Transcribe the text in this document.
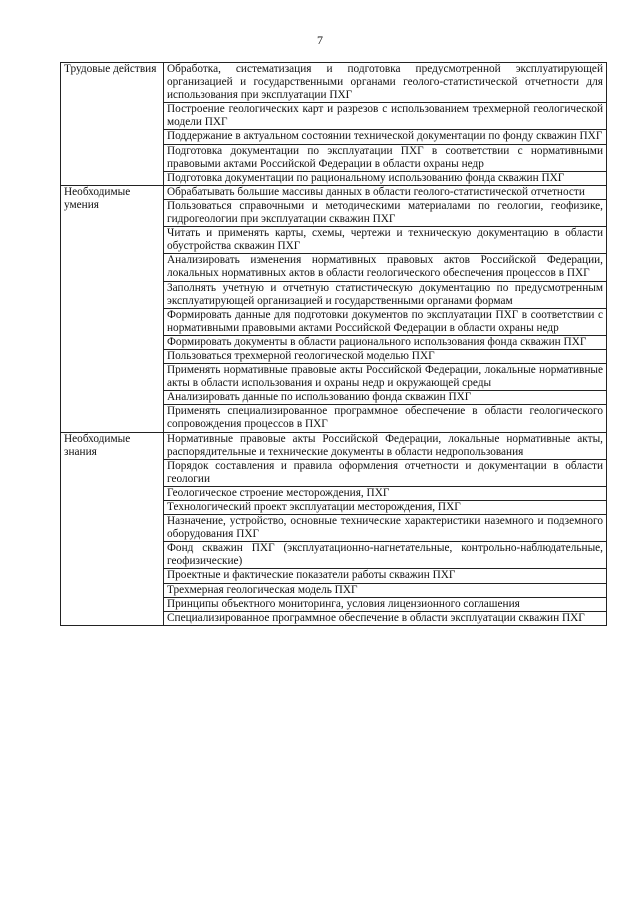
7
Трудовые действия	Обработка, систематизация и подготовка предусмотренной эксплуатирующей организацией и государственными органами геолого-статистической отчетности для использования при эксплуатации ПХГ
	Построение геологических карт и разрезов с использованием трехмерной геологической модели ПХГ
	Поддержание в актуальном состоянии технической документации по фонду скважин ПХГ
	Подготовка документации по эксплуатации ПХГ в соответствии с нормативными правовыми актами Российской Федерации в области охраны недр
	Подготовка документации по рациональному использованию фонда скважин ПХГ
Необходимые умения	Обрабатывать большие массивы данных в области геолого-статистической отчетности
	Пользоваться справочными и методическими материалами по геологии, геофизике, гидрогеологии при эксплуатации скважин ПХГ
	Читать и применять карты, схемы, чертежи и техническую документацию в области обустройства скважин ПХГ
	Анализировать изменения нормативных правовых актов Российской Федерации, локальных нормативных актов в области геологического обеспечения процессов в ПХГ
	Заполнять учетную и отчетную статистическую документацию по предусмотренным эксплуатирующей организацией и государственными органами формам
	Формировать данные для подготовки документов по эксплуатации ПХГ в соответствии с нормативными правовыми актами Российской Федерации в области охраны недр
	Формировать документы в области рационального использования фонда скважин ПХГ
	Пользоваться трехмерной геологической моделью ПХГ
	Применять нормативные правовые акты Российской Федерации, локальные нормативные акты в области использования и охраны недр и окружающей среды
	Анализировать данные по использованию фонда скважин ПХГ
	Применять специализированное программное обеспечение в области геологического сопровождения процессов в ПХГ
Необходимые знания	Нормативные правовые акты Российской Федерации, локальные нормативные акты, распорядительные и технические документы в области недропользования
	Порядок составления и правила оформления отчетности и документации в области геологии
	Геологическое строение месторождения, ПХГ
	Технологический проект эксплуатации месторождения, ПХГ
	Назначение, устройство, основные технические характеристики наземного и подземного оборудования ПХГ
	Фонд скважин ПХГ (эксплуатационно-нагнетательные, контрольно-наблюдательные, геофизические)
	Проектные и фактические показатели работы скважин ПХГ
	Трехмерная геологическая модель ПХГ
	Принципы объектного мониторинга, условия лицензионного соглашения
	Специализированное программное обеспечение в области эксплуатации скважин ПХГ
